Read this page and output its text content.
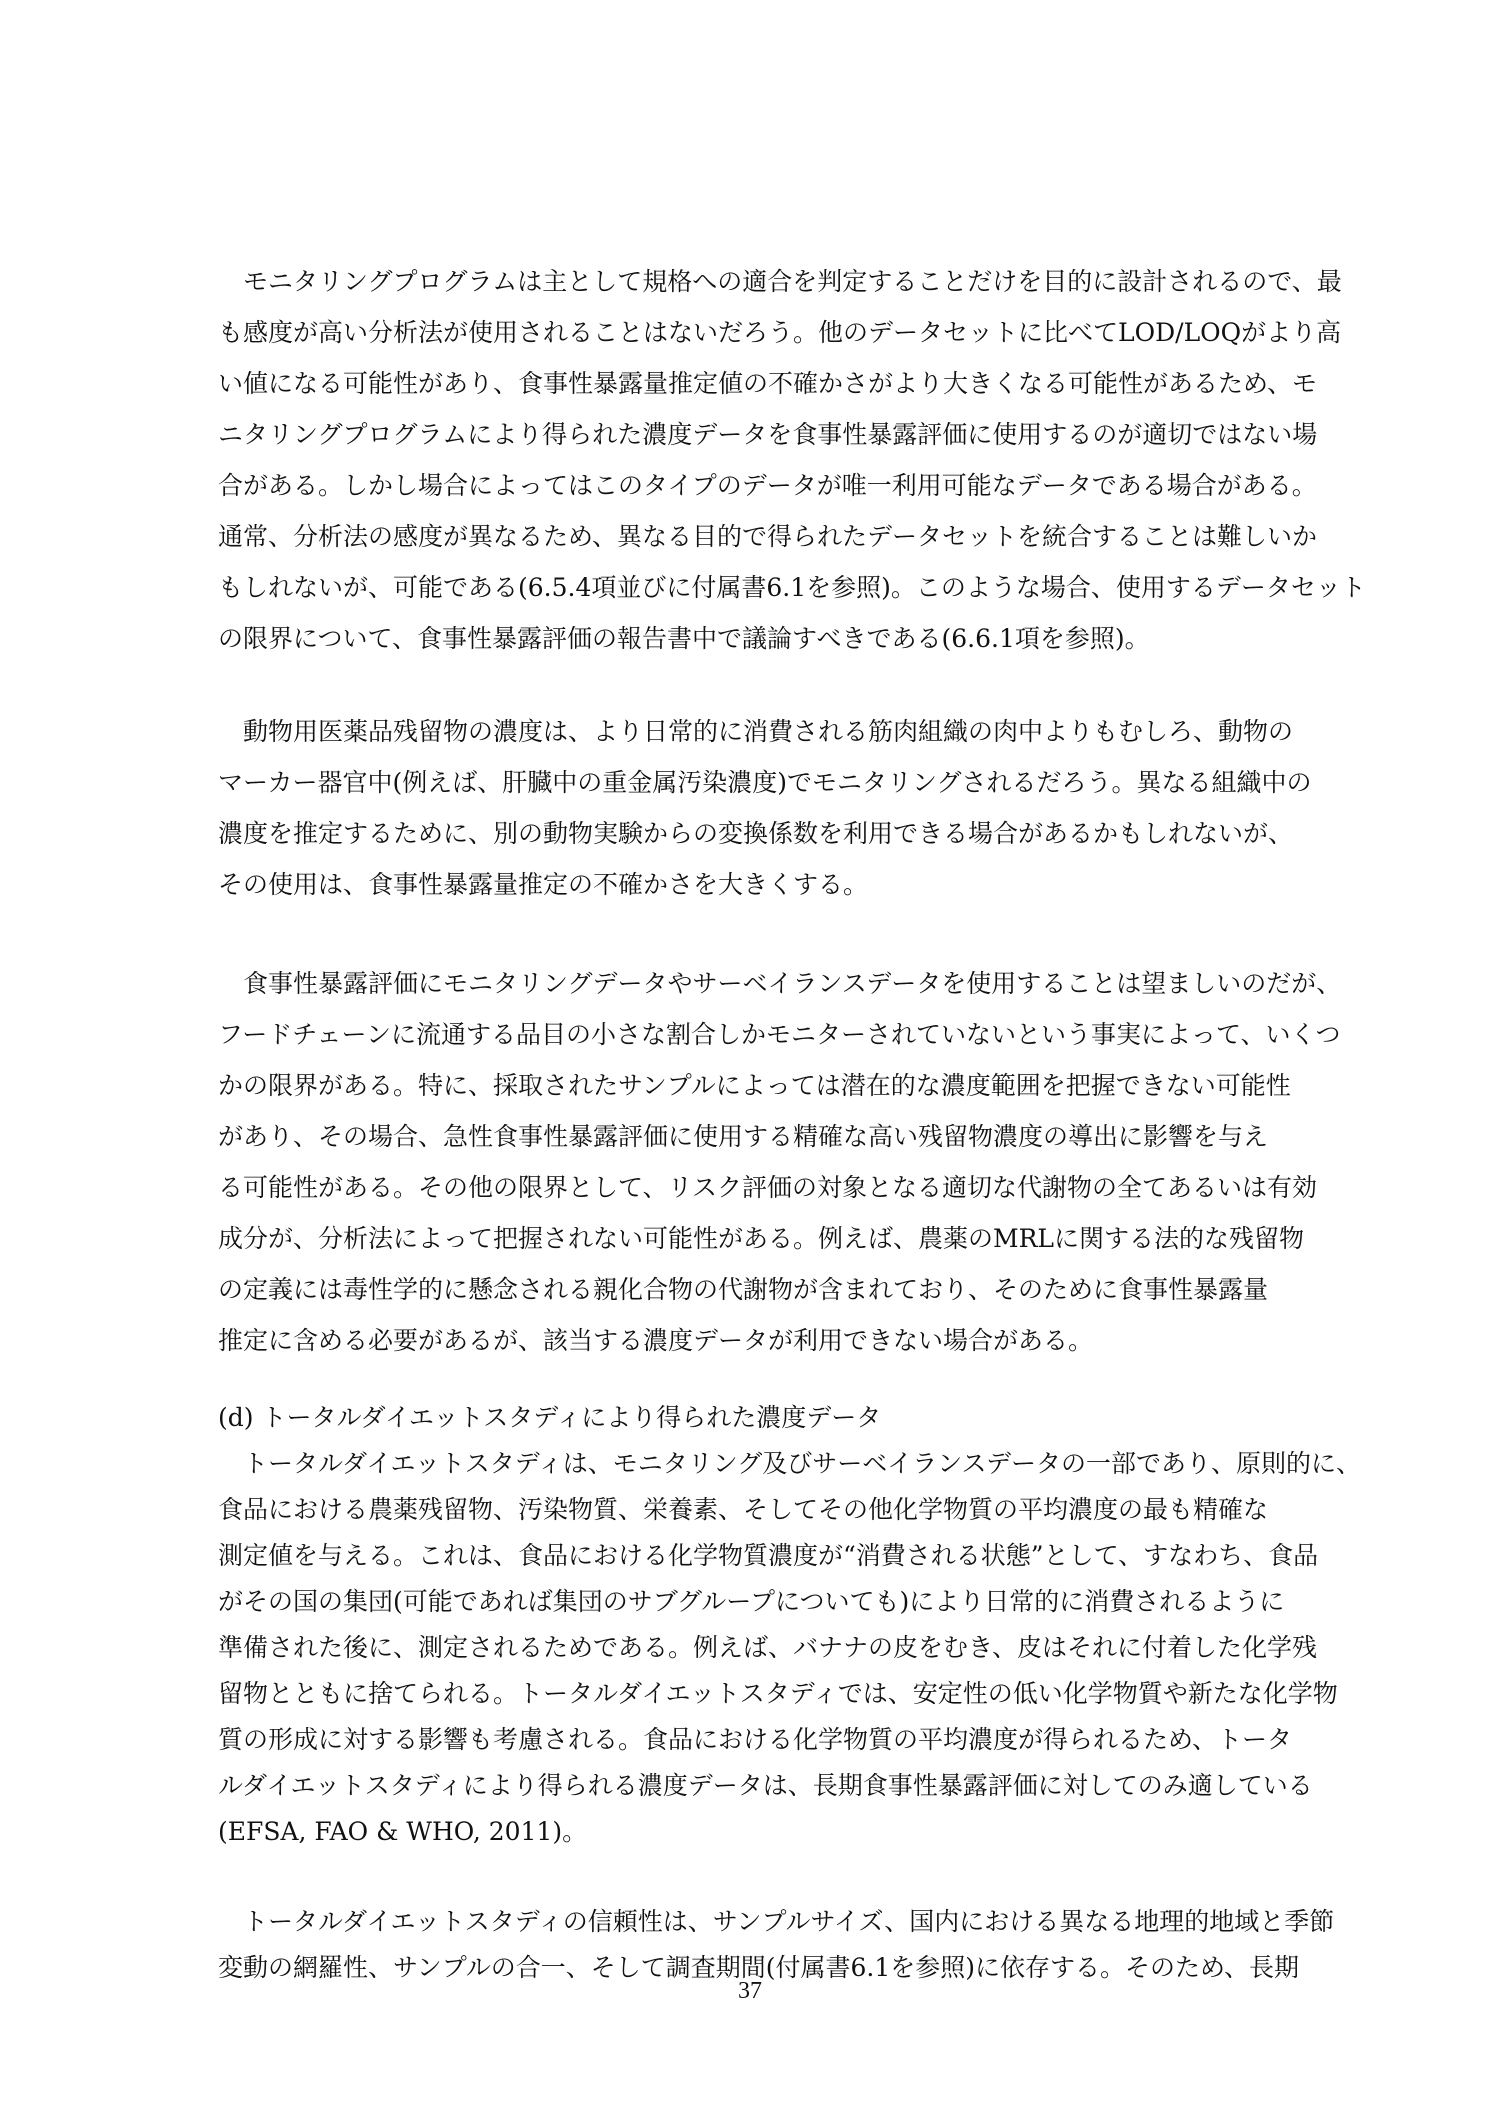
　モニタリングプログラムは主として規格への適合を判定することだけを目的に設計されるので、最
も感度が高い分析法が使用されることはないだろう。他のデータセットに比べてLOD/LOQがより高
い値になる可能性があり、食事性暴露量推定値の不確かさがより大きくなる可能性があるため、モ
ニタリングプログラムにより得られた濃度データを食事性暴露評価に使用するのが適切ではない場
合がある。しかし場合によってはこのタイプのデータが唯一利用可能なデータである場合がある。
通常、分析法の感度が異なるため、異なる目的で得られたデータセットを統合することは難しいか
もしれないが、可能である(6.5.4項並びに付属書6.1を参照)。このような場合、使用するデータセット
の限界について、食事性暴露評価の報告書中で議論すべきである(6.6.1項を参照)。
　動物用医薬品残留物の濃度は、より日常的に消費される筋肉組織の肉中よりもむしろ、動物の
マーカー器官中(例えば、肝臓中の重金属汚染濃度)でモニタリングされるだろう。異なる組織中の
濃度を推定するために、別の動物実験からの変換係数を利用できる場合があるかもしれないが、
その使用は、食事性暴露量推定の不確かさを大きくする。
　食事性暴露評価にモニタリングデータやサーベイランスデータを使用することは望ましいのだが、
フードチェーンに流通する品目の小さな割合しかモニターされていないという事実によって、いくつ
かの限界がある。特に、採取されたサンプルによっては潜在的な濃度範囲を把握できない可能性
があり、その場合、急性食事性暴露評価に使用する精確な高い残留物濃度の導出に影響を与え
る可能性がある。その他の限界として、リスク評価の対象となる適切な代謝物の全てあるいは有効
成分が、分析法によって把握されない可能性がある。例えば、農薬のMRLに関する法的な残留物
の定義には毒性学的に懸念される親化合物の代謝物が含まれており、そのために食事性暴露量
推定に含める必要があるが、該当する濃度データが利用できない場合がある。
(d) トータルダイエットスタディにより得られた濃度データ
　トータルダイエットスタディは、モニタリング及びサーベイランスデータの一部であり、原則的に、
食品における農薬残留物、汚染物質、栄養素、そしてその他化学物質の平均濃度の最も精確な
測定値を与える。これは、食品における化学物質濃度が“消費される状態”として、すなわち、食品
がその国の集団(可能であれば集団のサブグループについても)により日常的に消費されるように
準備された後に、測定されるためである。例えば、バナナの皮をむき、皮はそれに付着した化学残
留物とともに捨てられる。トータルダイエットスタディでは、安定性の低い化学物質や新たな化学物
質の形成に対する影響も考慮される。食品における化学物質の平均濃度が得られるため、トータ
ルダイエットスタディにより得られる濃度データは、長期食事性暴露評価に対してのみ適している
(EFSA, FAO & WHO, 2011)。
　トータルダイエットスタディの信頼性は、サンプルサイズ、国内における異なる地理的地域と季節
変動の網羅性、サンプルの合一、そして調査期間(付属書6.1を参照)に依存する。そのため、長期
37
